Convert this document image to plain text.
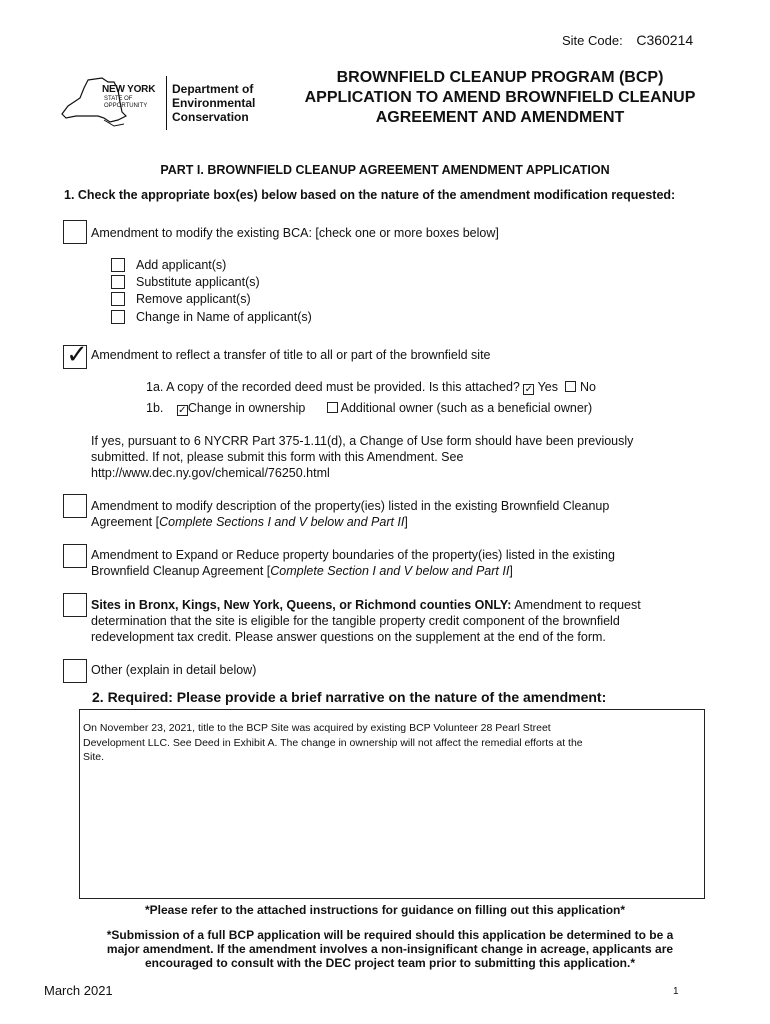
Site Code: C360214
NEW YORK
STATE OF
OPPORTUNITY
Department of
Environmental
Conservation
BROWNFIELD CLEANUP PROGRAM (BCP)
APPLICATION TO AMEND BROWNFIELD CLEANUP
AGREEMENT AND AMENDMENT
PART I. BROWNFIELD CLEANUP AGREEMENT AMENDMENT APPLICATION
1. Check the appropriate box(es) below based on the nature of the amendment modification requested:
Amendment to modify the existing BCA: [check one or more boxes below]
Add applicant(s)
Substitute applicant(s)
Remove applicant(s)
Change in Name of applicant(s)
✓ Amendment to reflect a transfer of title to all or part of the brownfield site
1a. A copy of the recorded deed must be provided. Is this attached? ✓ Yes No
1b. ✓Change in ownership	Additional owner (such as a beneficial owner)
If yes, pursuant to 6 NYCRR Part 375-1.11(d), a Change of Use form should have been previously
submitted. If not, please submit this form with this Amendment. See
http://www.dec.ny.gov/chemical/76250.html
Amendment to modify description of the property(ies) listed in the existing Brownfield Cleanup
Agreement [Complete Sections I and V below and Part II]
Amendment to Expand or Reduce property boundaries of the property(ies) listed in the existing
Brownfield Cleanup Agreement [Complete Section I and V below and Part II]
Sites in Bronx, Kings, New York, Queens, or Richmond counties ONLY: Amendment to request
determination that the site is eligible for the tangible property credit component of the brownfield
redevelopment tax credit. Please answer questions on the supplement at the end of the form.
Other (explain in detail below)
2. Required: Please provide a brief narrative on the nature of the amendment:
On November 23, 2021, title to the BCP Site was acquired by existing BCP Volunteer 28 Pearl Street
Development LLC. See Deed in Exhibit A. The change in ownership will not affect the remedial efforts at the
Site.
*Please refer to the attached instructions for guidance on filling out this application*
*Submission of a full BCP application will be required should this application be determined to be a
major amendment. If the amendment involves a non-insignificant change in acreage, applicants are
encouraged to consult with the DEC project team prior to submitting this application.*
March 2021	1
